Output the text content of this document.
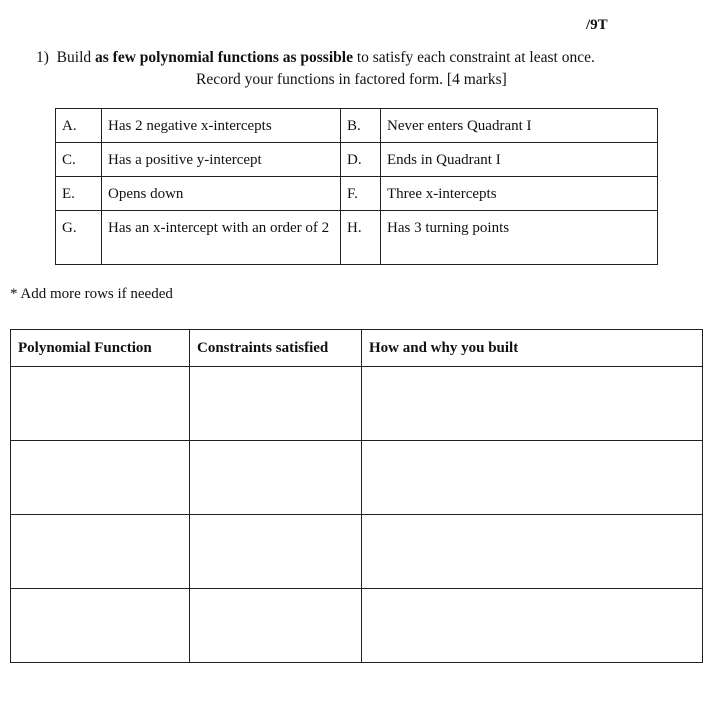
/9T
1) Build as few polynomial functions as possible to satisfy each constraint at least once.
Record your functions in factored form. [4 marks]
A.	Has 2 negative x-intercepts	B.	Never enters Quadrant I
C.	Has a positive y-intercept	D.	Ends in Quadrant I
E.	Opens down	F.	Three x-intercepts
G.	Has an x-intercept with an order of 2	H.	Has 3 turning points
* Add more rows if needed
Polynomial Function	Constraints satisfied	How and why you built
